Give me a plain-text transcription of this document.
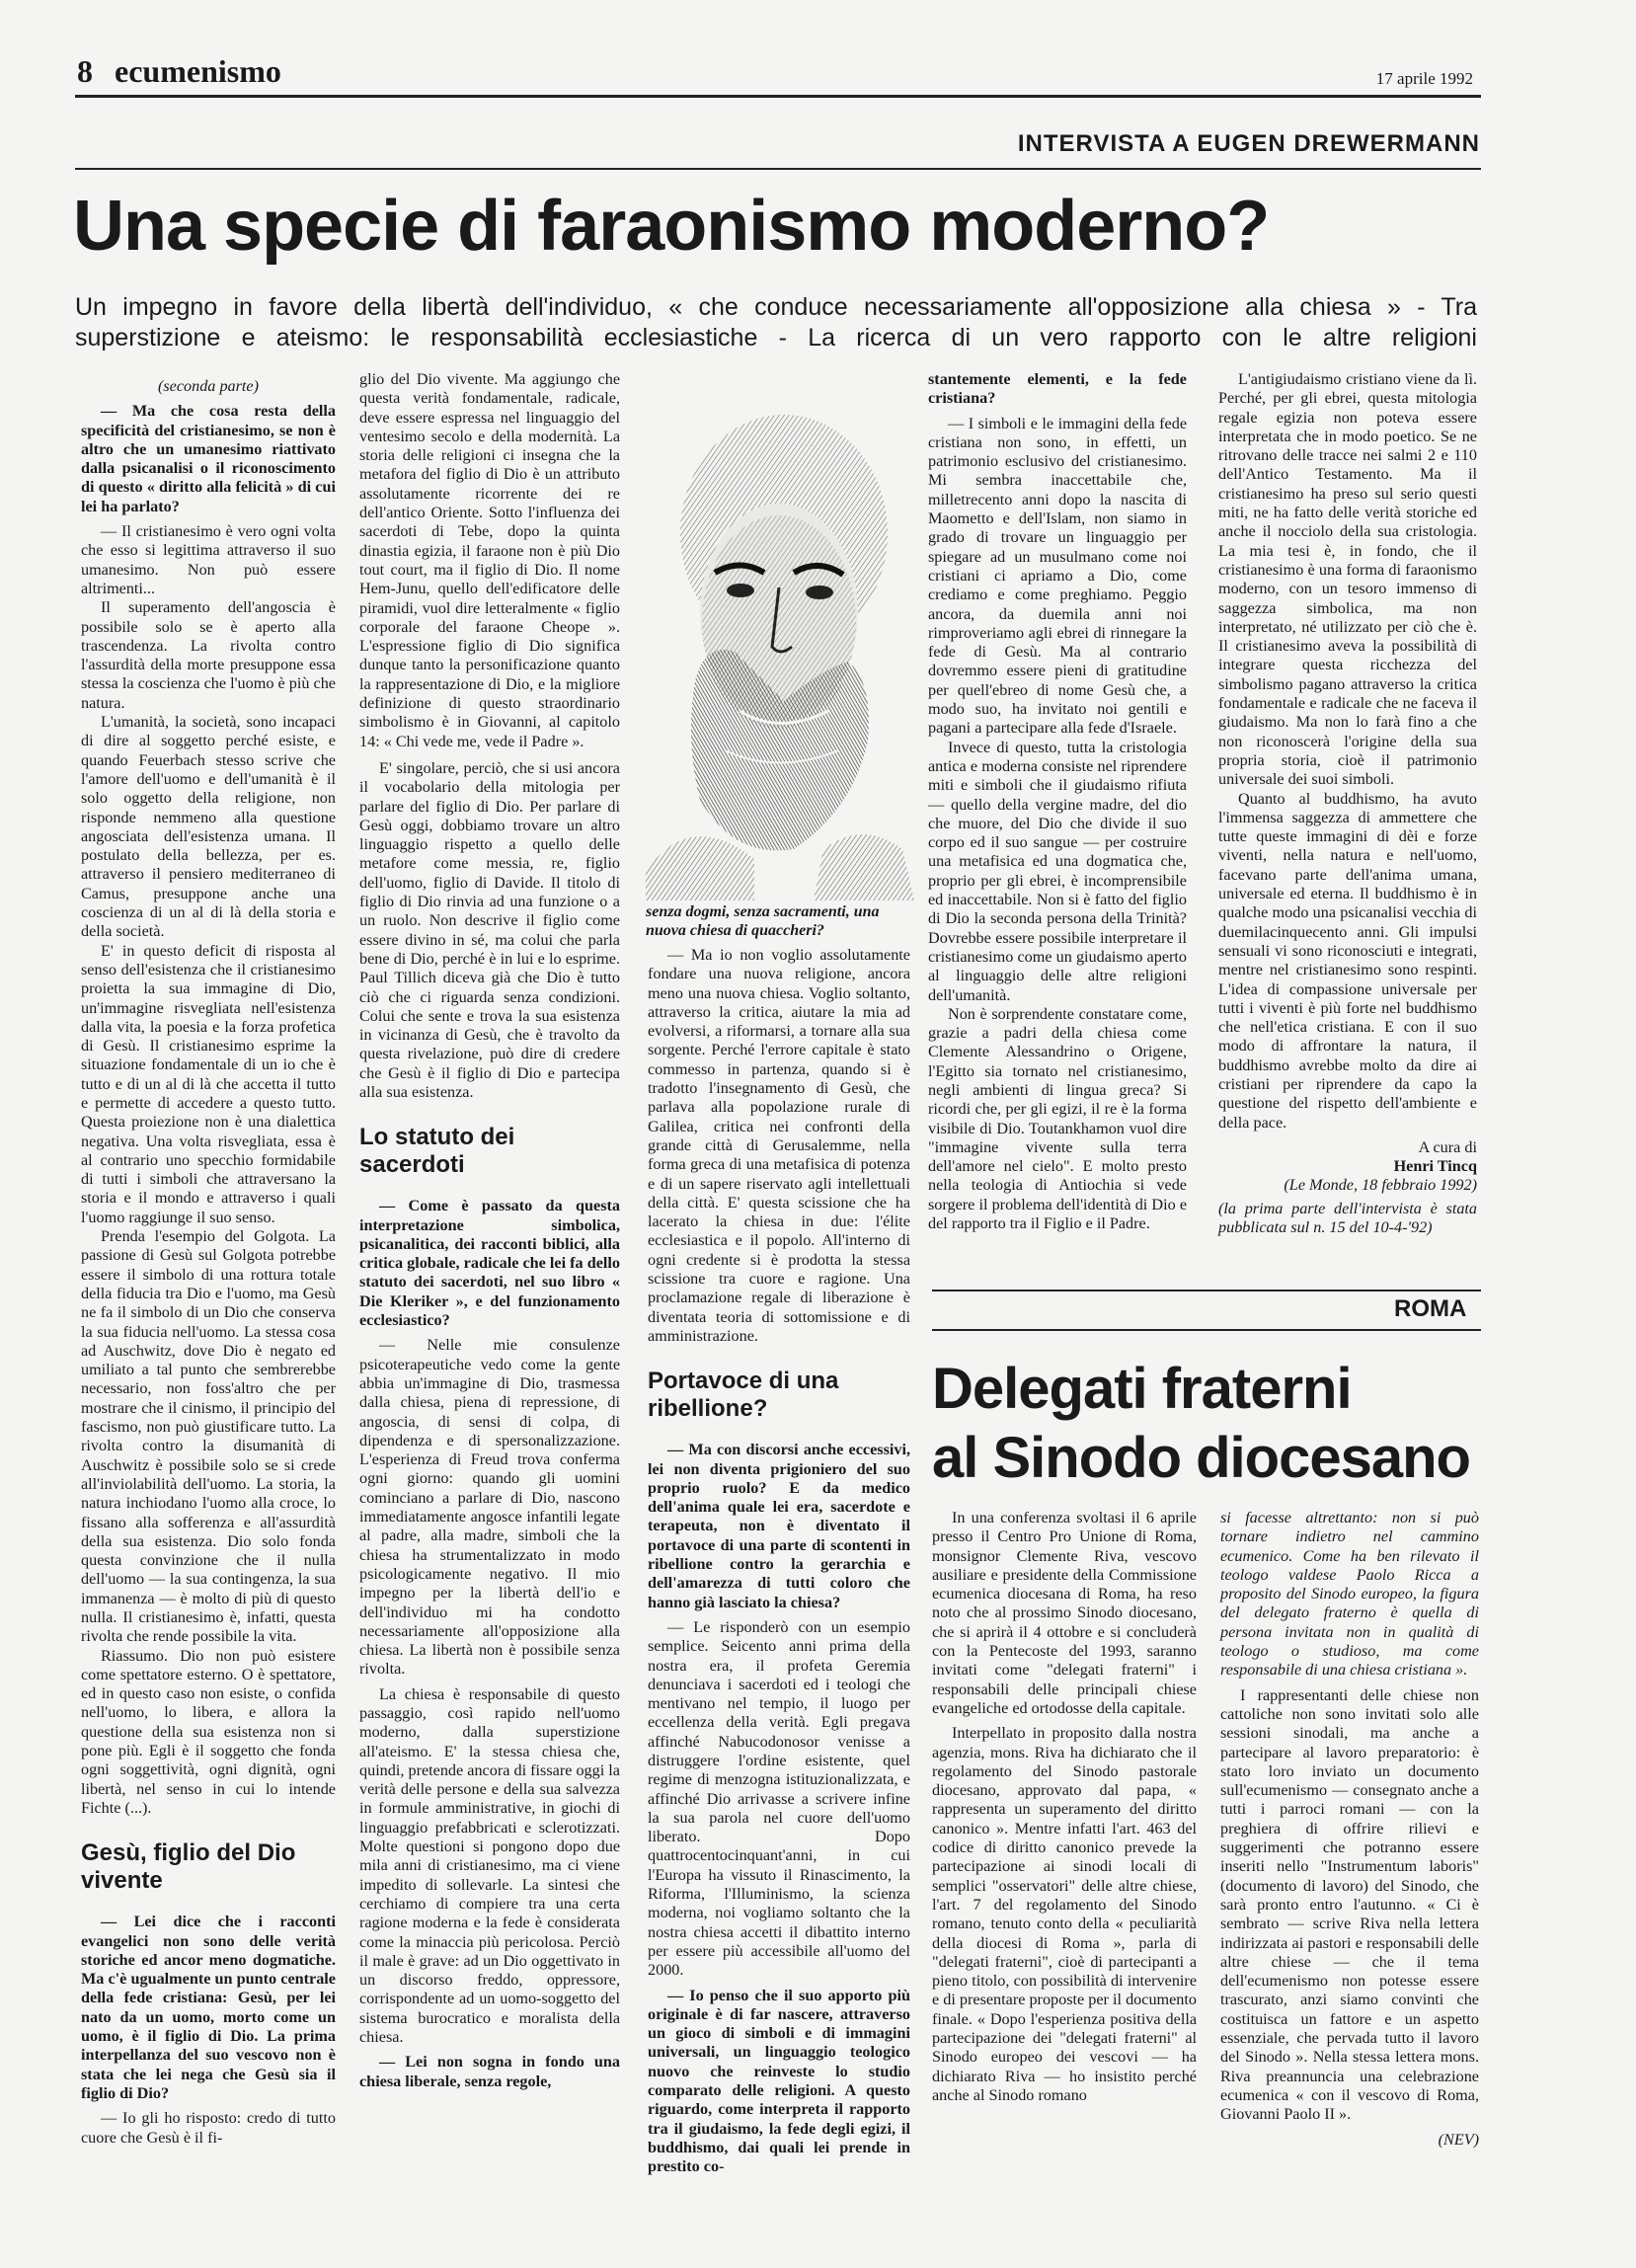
8 ecumenismo	17 aprile 1992
INTERVISTA A EUGEN DREWERMANN
Una specie di faraonismo moderno?
Un impegno in favore della libertà dell'individuo, « che conduce necessariamente all'opposizione alla chiesa » - Tra superstizione e ateismo: le responsabilità ecclesiastiche - La ricerca di un vero rapporto con le altre religioni

(seconda parte)

— Ma che cosa resta della specificità del cristianesimo, se non è altro che un umanesimo riattivato dalla psicanalisi o il riconoscimento di questo « diritto alla felicità » di cui lei ha parlato?

— Il cristianesimo è vero ogni volta che esso si legittima attraverso il suo umanesimo. Non può essere altrimenti...

Il superamento dell'angoscia è possibile solo se è aperto alla trascendenza. La rivolta contro l'assurdità della morte presuppone essa stessa la coscienza che l'uomo è più che natura.

L'umanità, la società, sono incapaci di dire al soggetto perché esiste, e quando Feuerbach stesso scrive che l'amore dell'uomo e dell'umanità è il solo oggetto della religione, non risponde nemmeno alla questione angosciata dell'esistenza umana. Il postulato della bellezza, per es. attraverso il pensiero mediterraneo di Camus, presuppone anche una coscienza di un al di là della storia e della società.

E' in questo deficit di risposta al senso dell'esistenza che il cristianesimo proietta la sua immagine di Dio, un'immagine risvegliata nell'esistenza dalla vita, la poesia e la forza profetica di Gesù. Il cristianesimo esprime la situazione fondamentale di un io che è tutto e di un al di là che accetta il tutto e permette di accedere a questo tutto. Questa proiezione non è una dialettica negativa. Una volta risvegliata, essa è al contrario uno specchio formidabile di tutti i simboli che attraversano la storia e il mondo e attraverso i quali l'uomo raggiunge il suo senso.

Prenda l'esempio del Golgota. La passione di Gesù sul Golgota potrebbe essere il simbolo di una rottura totale della fiducia tra Dio e l'uomo, ma Gesù ne fa il simbolo di un Dio che conserva la sua fiducia nell'uomo. La stessa cosa ad Auschwitz, dove Dio è negato ed umiliato a tal punto che sembrerebbe necessario, non foss'altro che per mostrare che il cinismo, il principio del fascismo, non può giustificare tutto. La rivolta contro la disumanità di Auschwitz è possibile solo se si crede all'inviolabilità dell'uomo. La storia, la natura inchiodano l'uomo alla croce, lo fissano alla sofferenza e all'assurdità della sua esistenza. Dio solo fonda questa convinzione che il nulla dell'uomo — la sua contingenza, la sua immanenza — è molto di più di questo nulla. Il cristianesimo è, infatti, questa rivolta che rende possibile la vita.

Riassumo. Dio non può esistere come spettatore esterno. O è spettatore, ed in questo caso non esiste, o confida nell'uomo, lo libera, e allora la questione della sua esistenza non si pone più. Egli è il soggetto che fonda ogni soggettività, ogni dignità, ogni libertà, nel senso in cui lo intende Fichte (...).

Gesù, figlio del Dio vivente

— Lei dice che i racconti evangelici non sono delle verità storiche ed ancor meno dogmatiche. Ma c'è ugualmente un punto centrale della fede cristiana: Gesù, per lei nato da un uomo, morto come un uomo, è il figlio di Dio. La prima interpellanza del suo vescovo non è stata che lei nega che Gesù sia il figlio di Dio?

— Io gli ho risposto: credo di tutto cuore che Gesù è il fi-

glio del Dio vivente. Ma aggiungo che questa verità fondamentale, radicale, deve essere espressa nel linguaggio del ventesimo secolo e della modernità. La storia delle religioni ci insegna che la metafora del figlio di Dio è un attributo assolutamente ricorrente dei re dell'antico Oriente. Sotto l'influenza dei sacerdoti di Tebe, dopo la quinta dinastia egizia, il faraone non è più Dio tout court, ma il figlio di Dio. Il nome Hem-Junu, quello dell'edificatore delle piramidi, vuol dire letteralmente « figlio corporale del faraone Cheope ». L'espressione figlio di Dio significa dunque tanto la personificazione quanto la rappresentazione di Dio, e la migliore definizione di questo straordinario simbolismo è in Giovanni, al capitolo 14: « Chi vede me, vede il Padre ».

E' singolare, perciò, che si usi ancora il vocabolario della mitologia per parlare del figlio di Dio. Per parlare di Gesù oggi, dobbiamo trovare un altro linguaggio rispetto a quello delle metafore come messia, re, figlio dell'uomo, figlio di Davide. Il titolo di figlio di Dio rinvia ad una funzione o a un ruolo. Non descrive il figlio come essere divino in sé, ma colui che parla bene di Dio, perché è in lui e lo esprime. Paul Tillich diceva già che Dio è tutto ciò che ci riguarda senza condizioni. Colui che sente e trova la sua esistenza in vicinanza di Gesù, che è travolto da questa rivelazione, può dire di credere che Gesù è il figlio di Dio e partecipa alla sua esistenza.

Lo statuto dei sacerdoti

— Come è passato da questa interpretazione simbolica, psicanalitica, dei racconti biblici, alla critica globale, radicale che lei fa dello statuto dei sacerdoti, nel suo libro « Die Kleriker », e del funzionamento ecclesiastico?

— Nelle mie consulenze psicoterapeutiche vedo come la gente abbia un'immagine di Dio, trasmessa dalla chiesa, piena di repressione, di angoscia, di sensi di colpa, di dipendenza e di spersonalizzazione. L'esperienza di Freud trova conferma ogni giorno: quando gli uomini cominciano a parlare di Dio, nascono immediatamente angosce infantili legate al padre, alla madre, simboli che la chiesa ha strumentalizzato in modo psicologicamente negativo. Il mio impegno per la libertà dell'io e dell'individuo mi ha condotto necessariamente all'opposizione alla chiesa. La libertà non è possibile senza rivolta.

La chiesa è responsabile di questo passaggio, così rapido nell'uomo moderno, dalla superstizione all'ateismo. E' la stessa chiesa che, quindi, pretende ancora di fissare oggi la verità delle persone e della sua salvezza in formule amministrative, in giochi di linguaggio prefabbricati e sclerotizzati. Molte questioni si pongono dopo due mila anni di cristianesimo, ma ci viene impedito di sollevarle. La sintesi che cerchiamo di compiere tra una certa ragione moderna e la fede è considerata come la minaccia più pericolosa. Perciò il male è grave: ad un Dio oggettivato in un discorso freddo, oppressore, corrispondente ad un uomo-soggetto del sistema burocratico e moralista della chiesa.

— Lei non sogna in fondo una chiesa liberale, senza regole,

senza dogmi, senza sacramenti, una nuova chiesa di quaccheri?

— Ma io non voglio assolutamente fondare una nuova religione, ancora meno una nuova chiesa. Voglio soltanto, attraverso la critica, aiutare la mia ad evolversi, a riformarsi, a tornare alla sua sorgente. Perché l'errore capitale è stato commesso in partenza, quando si è tradotto l'insegnamento di Gesù, che parlava alla popolazione rurale di Galilea, critica nei confronti della grande città di Gerusalemme, nella forma greca di una metafisica di potenza e di un sapere riservato agli intellettuali della città. E' questa scissione che ha lacerato la chiesa in due: l'élite ecclesiastica e il popolo. All'interno di ogni credente si è prodotta la stessa scissione tra cuore e ragione. Una proclamazione regale di liberazione è diventata teoria di sottomissione e di amministrazione.

Portavoce di una ribellione?

— Ma con discorsi anche eccessivi, lei non diventa prigioniero del suo proprio ruolo? E da medico dell'anima quale lei era, sacerdote e terapeuta, non è diventato il portavoce di una parte di scontenti in ribellione contro la gerarchia e dell'amarezza di tutti coloro che hanno già lasciato la chiesa?

— Le risponderò con un esempio semplice. Seicento anni prima della nostra era, il profeta Geremia denunciava i sacerdoti ed i teologi che mentivano nel tempio, il luogo per eccellenza della verità. Egli pregava affinché Nabucodonosor venisse a distruggere l'ordine esistente, quel regime di menzogna istituzionalizzata, e affinché Dio arrivasse a scrivere infine la sua parola nel cuore dell'uomo liberato. Dopo quattrocentocinquant'anni, in cui l'Europa ha vissuto il Rinascimento, la Riforma, l'Illuminismo, la scienza moderna, noi vogliamo soltanto che la nostra chiesa accetti il dibattito interno per essere più accessibile all'uomo del 2000.

— Io penso che il suo apporto più originale è di far nascere, attraverso un gioco di simboli e di immagini universali, un linguaggio teologico nuovo che reinveste lo studio comparato delle religioni. A questo riguardo, come interpreta il rapporto tra il giudaismo, la fede degli egizi, il buddhismo, dai quali lei prende in prestito co-

stantemente elementi, e la fede cristiana?

— I simboli e le immagini della fede cristiana non sono, in effetti, un patrimonio esclusivo del cristianesimo. Mi sembra inaccettabile che, milletrecento anni dopo la nascita di Maometto e dell'Islam, non siamo in grado di trovare un linguaggio per spiegare ad un musulmano come noi cristiani ci apriamo a Dio, come crediamo e come preghiamo. Peggio ancora, da duemila anni noi rimproveriamo agli ebrei di rinnegare la fede di Gesù. Ma al contrario dovremmo essere pieni di gratitudine per quell'ebreo di nome Gesù che, a modo suo, ha invitato noi gentili e pagani a partecipare alla fede d'Israele.

Invece di questo, tutta la cristologia antica e moderna consiste nel riprendere miti e simboli che il giudaismo rifiuta — quello della vergine madre, del dio che muore, del Dio che divide il suo corpo ed il suo sangue — per costruire una metafisica ed una dogmatica che, proprio per gli ebrei, è incomprensibile ed inaccettabile. Non si è fatto del figlio di Dio la seconda persona della Trinità? Dovrebbe essere possibile interpretare il cristianesimo come un giudaismo aperto al linguaggio delle altre religioni dell'umanità.

Non è sorprendente constatare come, grazie a padri della chiesa come Clemente Alessandrino o Origene, l'Egitto sia tornato nel cristianesimo, negli ambienti di lingua greca? Si ricordi che, per gli egizi, il re è la forma visibile di Dio. Toutankhamon vuol dire "immagine vivente sulla terra dell'amore nel cielo". E molto presto nella teologia di Antiochia si vede sorgere il problema dell'identità di Dio e del rapporto tra il Figlio e il Padre.

L'antigiudaismo cristiano viene da lì. Perché, per gli ebrei, questa mitologia regale egizia non poteva essere interpretata che in modo poetico. Se ne ritrovano delle tracce nei salmi 2 e 110 dell'Antico Testamento. Ma il cristianesimo ha preso sul serio questi miti, ne ha fatto delle verità storiche ed anche il nocciolo della sua cristologia. La mia tesi è, in fondo, che il cristianesimo è una forma di faraonismo moderno, con un tesoro immenso di saggezza simbolica, ma non interpretato, né utilizzato per ciò che è. Il cristianesimo aveva la possibilità di integrare questa ricchezza del simbolismo pagano attraverso la critica fondamentale e radicale che ne faceva il giudaismo. Ma non lo farà fino a che non riconoscerà l'origine della sua propria storia, cioè il patrimonio universale dei suoi simboli.

Quanto al buddhismo, ha avuto l'immensa saggezza di ammettere che tutte queste immagini di dèi e forze viventi, nella natura e nell'uomo, facevano parte dell'anima umana, universale ed eterna. Il buddhismo è in qualche modo una psicanalisi vecchia di duemilacinquecento anni. Gli impulsi sensuali vi sono riconosciuti e integrati, mentre nel cristianesimo sono respinti. L'idea di compassione universale per tutti i viventi è più forte nel buddhismo che nell'etica cristiana. E con il suo modo di affrontare la natura, il buddhismo avrebbe molto da dire ai cristiani per riprendere da capo la questione del rispetto dell'ambiente e della pace.

A cura di

Henri Tincq

(Le Monde, 18 febbraio 1992)

(la prima parte dell'intervista è stata pubblicata sul n. 15 del 10-4-'92)

ROMA
Delegati fraterni
al Sinodo diocesano

In una conferenza svoltasi il 6 aprile presso il Centro Pro Unione di Roma, monsignor Clemente Riva, vescovo ausiliare e presidente della Commissione ecumenica diocesana di Roma, ha reso noto che al prossimo Sinodo diocesano, che si aprirà il 4 ottobre e si concluderà con la Pentecoste del 1993, saranno invitati come "delegati fraterni" i responsabili delle principali chiese evangeliche ed ortodosse della capitale.

Interpellato in proposito dalla nostra agenzia, mons. Riva ha dichiarato che il regolamento del Sinodo pastorale diocesano, approvato dal papa, « rappresenta un superamento del diritto canonico ». Mentre infatti l'art. 463 del codice di diritto canonico prevede la partecipazione ai sinodi locali di semplici "osservatori" delle altre chiese, l'art. 7 del regolamento del Sinodo romano, tenuto conto della « peculiarità della diocesi di Roma », parla di "delegati fraterni", cioè di partecipanti a pieno titolo, con possibilità di intervenire e di presentare proposte per il documento finale. « Dopo l'esperienza positiva della partecipazione dei "delegati fraterni" al Sinodo europeo dei vescovi — ha dichiarato Riva — ho insistito perché anche al Sinodo romano

si facesse altrettanto: non si può tornare indietro nel cammino ecumenico. Come ha ben rilevato il teologo valdese Paolo Ricca a proposito del Sinodo europeo, la figura del delegato fraterno è quella di persona invitata non in qualità di teologo o studioso, ma come responsabile di una chiesa cristiana ».

I rappresentanti delle chiese non cattoliche non sono invitati solo alle sessioni sinodali, ma anche a partecipare al lavoro preparatorio: è stato loro inviato un documento sull'ecumenismo — consegnato anche a tutti i parroci romani — con la preghiera di offrire rilievi e suggerimenti che potranno essere inseriti nello "Instrumentum laboris" (documento di lavoro) del Sinodo, che sarà pronto entro l'autunno. « Ci è sembrato — scrive Riva nella lettera indirizzata ai pastori e responsabili delle altre chiese — che il tema dell'ecumenismo non potesse essere trascurato, anzi siamo convinti che costituisca un fattore e un aspetto essenziale, che pervada tutto il lavoro del Sinodo ». Nella stessa lettera mons. Riva preannuncia una celebrazione ecumenica « con il vescovo di Roma, Giovanni Paolo II ».

(NEV)
